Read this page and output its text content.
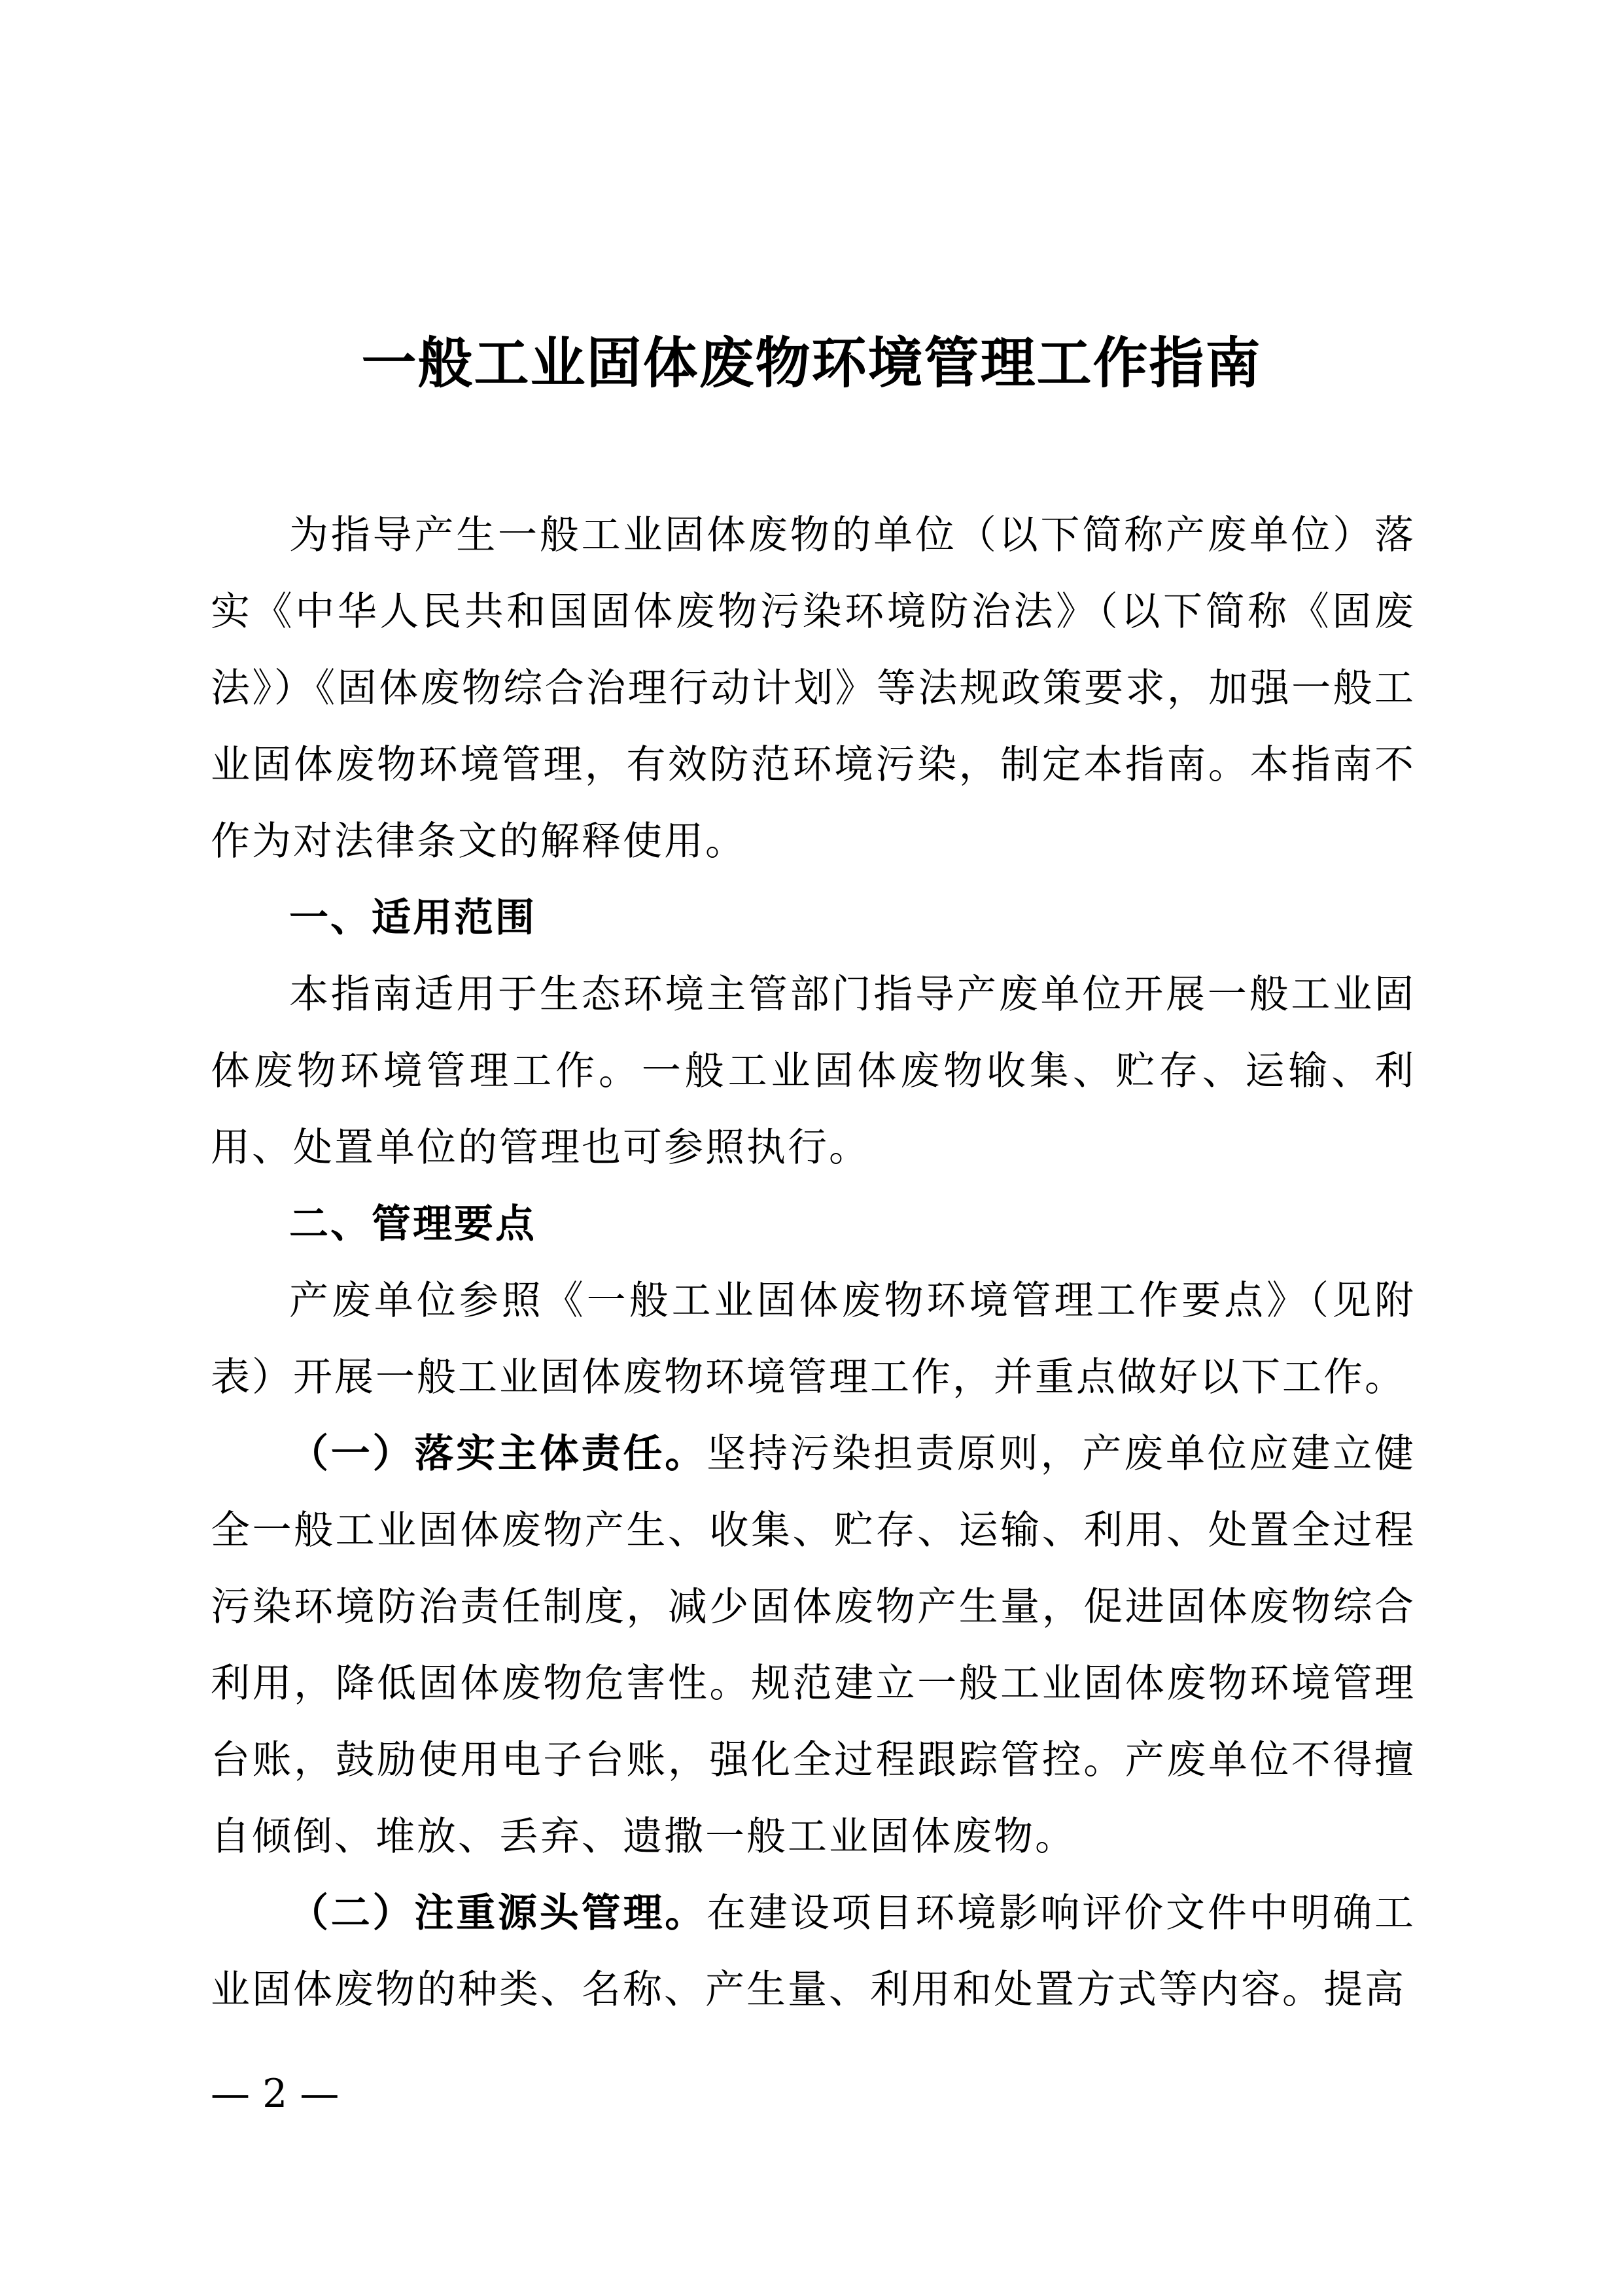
一般工业固体废物环境管理工作指南

为指导产生一般工业固体废物的单位（以下简称产废单位）落实《中华人民共和国固体废物污染环境防治法》（以下简称《固废法》）《固体废物综合治理行动计划》等法规政策要求，加强一般工业固体废物环境管理，有效防范环境污染，制定本指南。本指南不作为对法律条文的解释使用。

一、适用范围

本指南适用于生态环境主管部门指导产废单位开展一般工业固体废物环境管理工作。一般工业固体废物收集、贮存、运输、利用、处置单位的管理也可参照执行。

二、管理要点

产废单位参照《一般工业固体废物环境管理工作要点》（见附表）开展一般工业固体废物环境管理工作，并重点做好以下工作。

（一）落实主体责任。坚持污染担责原则，产废单位应建立健全一般工业固体废物产生、收集、贮存、运输、利用、处置全过程污染环境防治责任制度，减少固体废物产生量，促进固体废物综合利用，降低固体废物危害性。规范建立一般工业固体废物环境管理台账，鼓励使用电子台账，强化全过程跟踪管控。产废单位不得擅自倾倒、堆放、丢弃、遗撒一般工业固体废物。

（二）注重源头管理。在建设项目环境影响评价文件中明确工业固体废物的种类、名称、产生量、利用和处置方式等内容。提高

— 2 —
